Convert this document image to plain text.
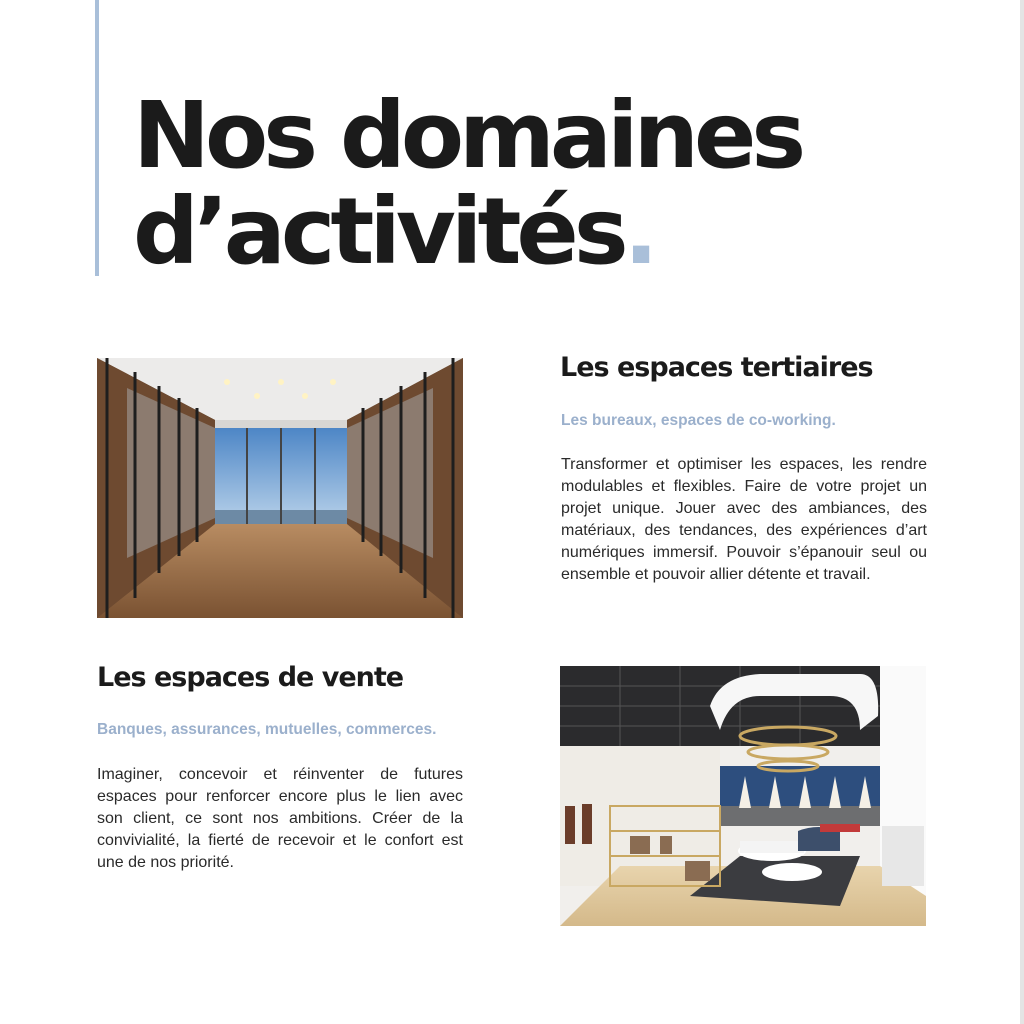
Nos domaines
d’activités.
Les espaces tertiaires

Les bureaux, espaces de co-working.

Transformer et optimiser les espaces, les rendre modulables et flexibles. Faire de votre projet un projet unique. Jouer avec des ambiances, des matériaux, des tendances, des expériences d’art numériques immersif. Pouvoir s’épanouir seul ou ensemble et pouvoir allier détente et travail.

Les espaces de vente

Banques, assurances, mutuelles, commerces.

Imaginer, concevoir et réinventer de futures espaces pour renforcer encore plus le lien avec son client, ce sont nos ambitions. Créer de la convivialité, la fierté de recevoir et le confort est une de nos priorité.
